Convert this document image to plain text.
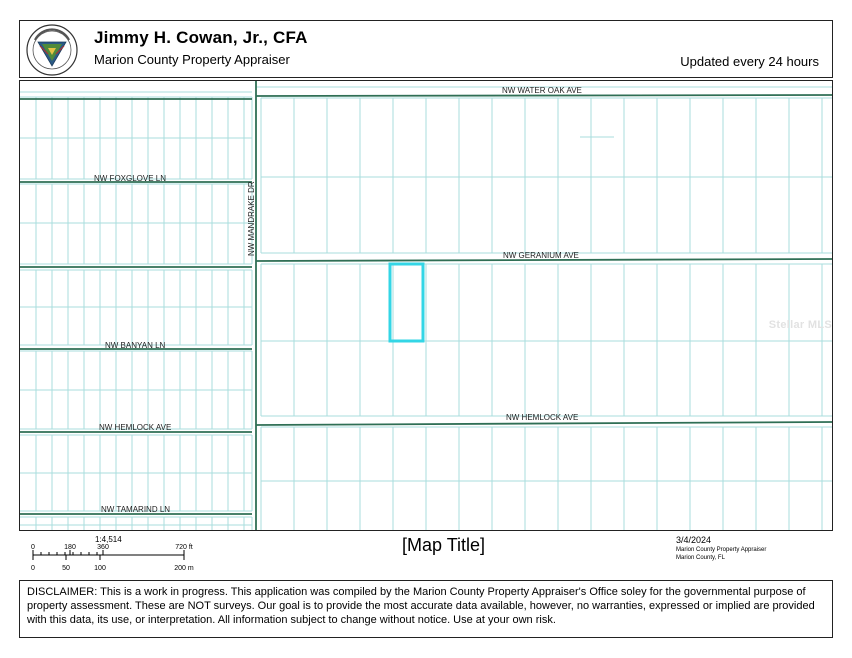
Jimmy H. Cowan, Jr., CFA
Marion County Property Appraiser	Updated every 24 hours
NW WATER OAK AVE
NW FOXGLOVE LN
NW MANDRAKE DR	NW GERANIUM AVE
NW BANYAN LN
NW HEMLOCK AVE
NW HEMLOCK AVE
NW TAMARIND LN
Stellar MLS
1:4,514
0	180	360	720 ft
0	50	100	200 m
[Map Title]	3/4/2024
Marion County Property Appraiser
Marion County, FL
DISCLAIMER: This is a work in progress. This application was compiled by the Marion County Property Appraiser's Office soley for the governmental purpose of property assessment. These are NOT surveys. Our goal is to provide the most accurate data available, however, no warranties, expressed or implied are provided with this data, its use, or interpretation. All information subject to change without notice. Use at your own risk.
